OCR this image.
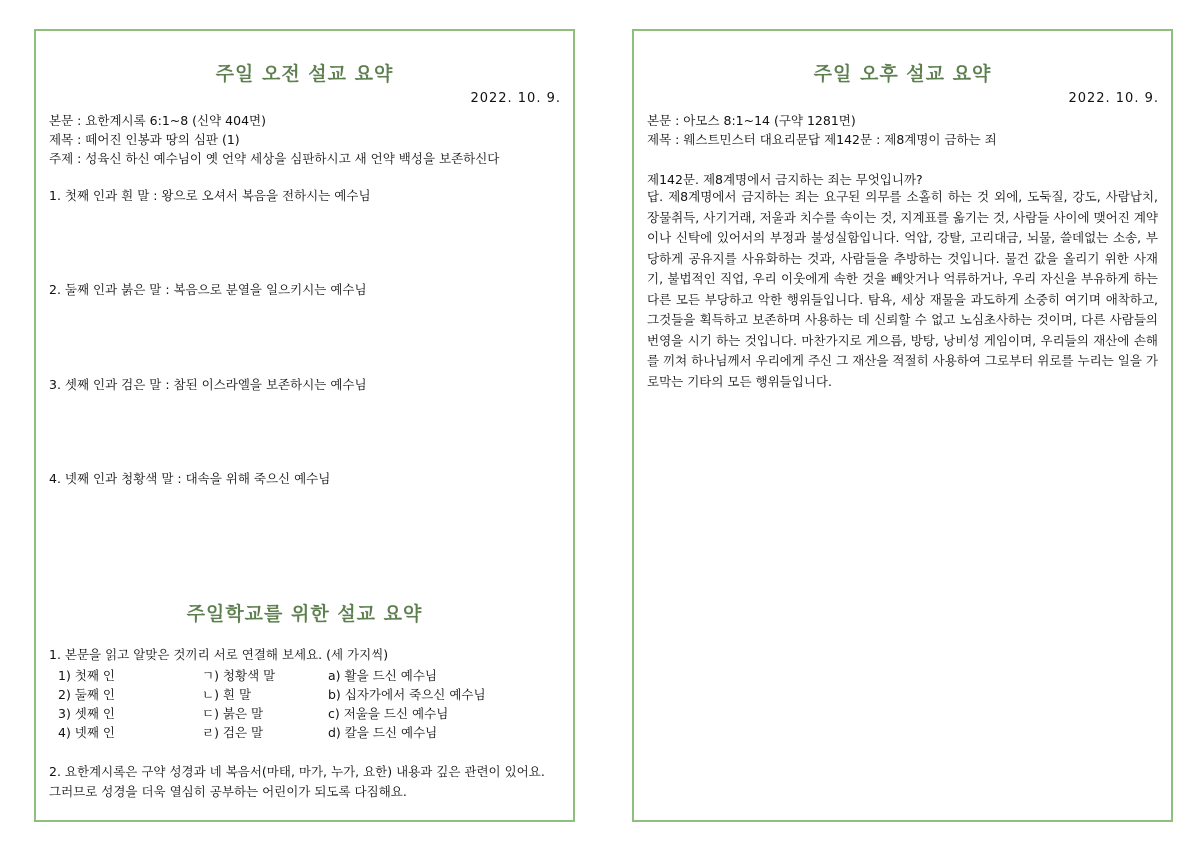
주일 오전 설교 요약
2022. 10. 9.
본문 : 요한계시록 6:1~8 (신약 404면)
제목 : 떼어진 인봉과 땅의 심판 (1)
주제 : 성육신 하신 예수님이 옛 언약 세상을 심판하시고 새 언약 백성을 보존하신다
1. 첫째 인과 흰 말 : 왕으로 오셔서 복음을 전하시는 예수님
2. 둘째 인과 붉은 말 : 복음으로 분열을 일으키시는 예수님
3. 셋째 인과 검은 말 : 참된 이스라엘을 보존하시는 예수님
4. 넷째 인과 청황색 말 : 대속을 위해 죽으신 예수님
주일학교를 위한 설교 요약
1. 본문을 읽고 알맞은 것끼리 서로 연결해 보세요. (세 가지씩)
1) 첫째 인	ㄱ) 청황색 말	a) 활을 드신 예수님
2) 둘째 인	ㄴ) 흰 말	b) 십자가에서 죽으신 예수님
3) 셋째 인	ㄷ) 붉은 말	c) 저울을 드신 예수님
4) 넷째 인	ㄹ) 검은 말	d) 칼을 드신 예수님
2. 요한계시록은 구약 성경과 네 복음서(마태, 마가, 누가, 요한) 내용과 깊은 관련이 있어요.
그러므로 성경을 더욱 열심히 공부하는 어린이가 되도록 다짐해요.
주일 오후 설교 요약
2022. 10. 9.
본문 : 아모스 8:1~14 (구약 1281면)
제목 : 웨스트민스터 대요리문답 제142문 : 제8계명이 금하는 죄
제142문. 제8계명에서 금지하는 죄는 무엇입니까?
답. 제8계명에서 금지하는 죄는 요구된 의무를 소홀히 하는 것 외에, 도둑질, 강도, 사람납치, 장물취득, 사기거래, 저울과 치수를 속이는 것, 지계표를 옮기는 것, 사람들 사이에 맺어진 계약이나 신탁에 있어서의 부정과 불성실함입니다. 억압, 강탈, 고리대금, 뇌물, 쓸데없는 소송, 부당하게 공유지를 사유화하는 것과, 사람들을 추방하는 것입니다. 물건 값을 올리기 위한 사재기, 불법적인 직업, 우리 이웃에게 속한 것을 빼앗거나 억류하거나, 우리 자신을 부유하게 하는 다른 모든 부당하고 악한 행위들입니다. 탐욕, 세상 재물을 과도하게 소중히 여기며 애착하고, 그것들을 획득하고 보존하며 사용하는 데 신뢰할 수 없고 노심초사하는 것이며, 다른 사람들의 번영을 시기 하는 것입니다. 마찬가지로 게으름, 방탕, 낭비성 게임이며, 우리들의 재산에 손해를 끼쳐 하나님께서 우리에게 주신 그 재산을 적절히 사용하여 그로부터 위로를 누리는 일을 가로막는 기타의 모든 행위들입니다.
